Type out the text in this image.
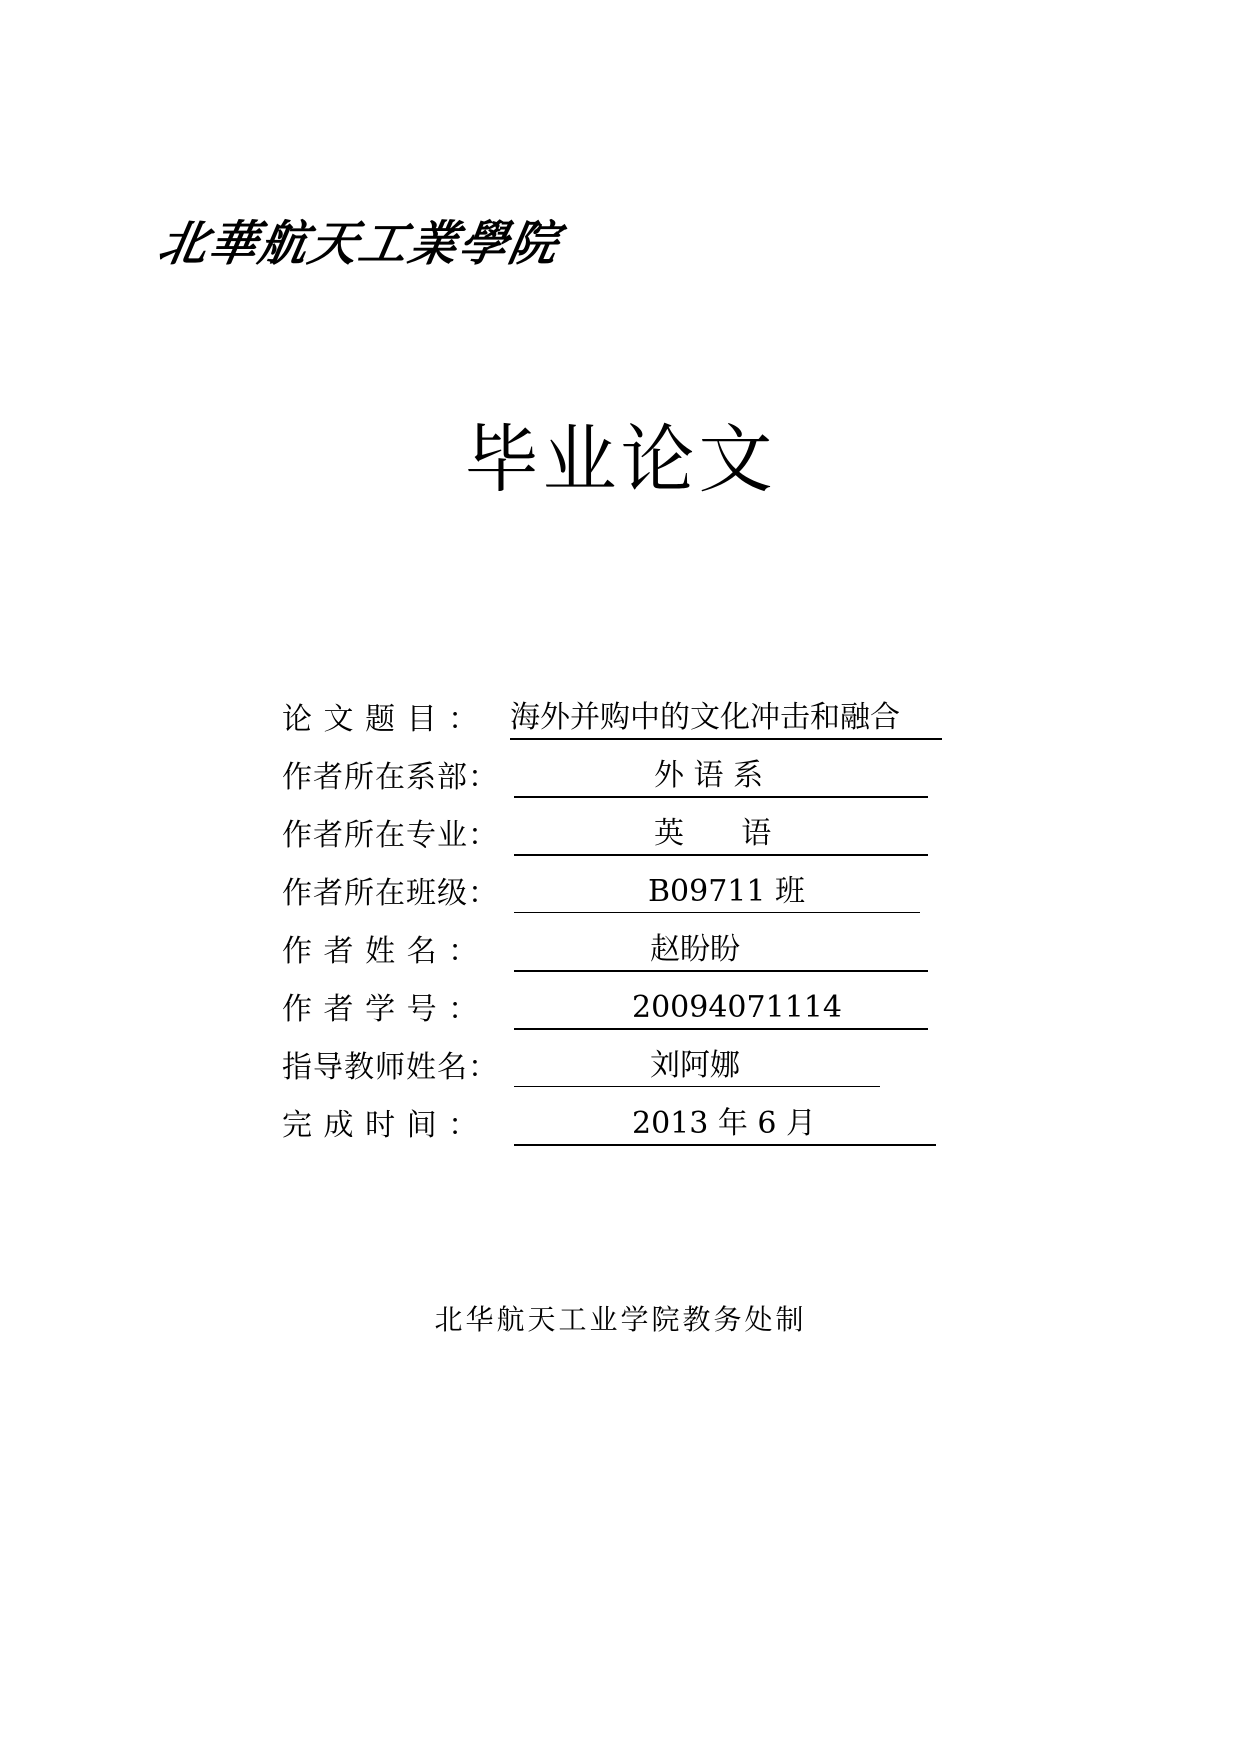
北華航天工業學院
毕业论文
论 文 题 目 ：

	海外并购中的文化冲击和融合

作者所在系部：

	外 语 系

作者所在专业：

	英      语

作者所在班级：

	B09711 班

作 者 姓 名 ：

	赵盼盼

作 者 学 号 ：

	20094071114

指导教师姓名：

	刘阿娜

完 成 时 间 ：

	2013 年 6 月

北华航天工业学院教务处制
